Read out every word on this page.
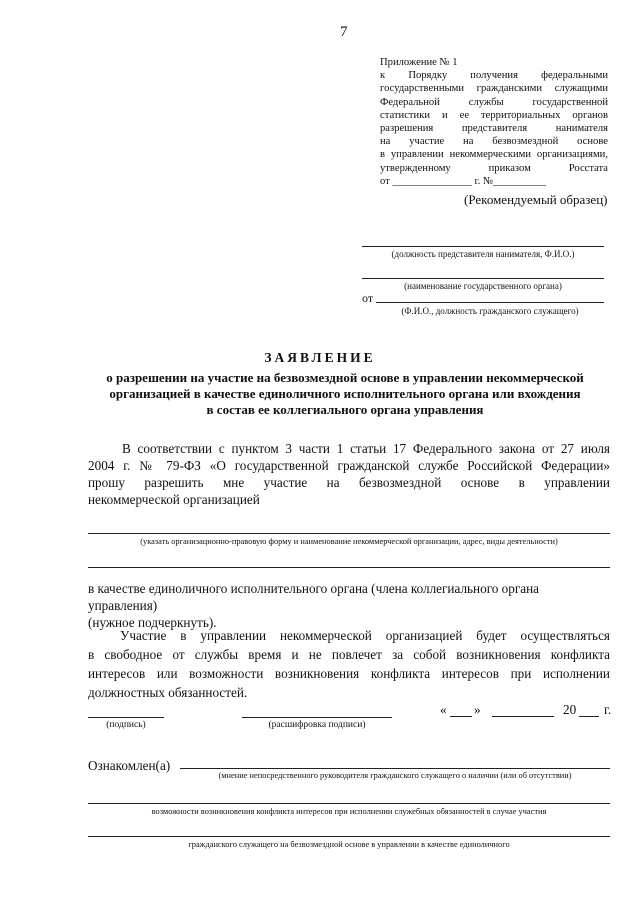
7
Приложение № 1
к Порядку получения федеральными
государственными гражданскими служащими
Федеральной службы государственной
статистики и ее территориальных органов
разрешения представителя нанимателя
на участие на безвозмездной основе
в управлении некоммерческими организациями,
утвержденному приказом Росстата
от _______________ г. №__________
(Рекомендуемый образец)
(должность представителя нанимателя, Ф.И.О.)
(наименование государственного органа)
от
(Ф.И.О., должность гражданского служащего)
ЗАЯВЛЕНИЕ
о разрешении на участие на безвозмездной основе в управлении некоммерческой
организацией в качестве единоличного исполнительного органа или вхождения
в состав ее коллегиального органа управления
В соответствии с пунктом 3 части 1 статьи 17 Федерального закона от 27 июля
2004 г. № 79-ФЗ «О государственной гражданской службе Российской Федерации»
прошу разрешить мне участие на безвозмездной основе в управлении
некоммерческой организацией
(указать организационно-правовую форму и наименование некоммерческой организации, адрес, виды деятельности)
в качестве единоличного исполнительного органа (члена коллегиального органа управления)
(нужное подчеркнуть).
Участие в управлении некоммерческой организацией будет осуществляться
в свободное от службы время и не повлечет за собой возникновения конфликта
интересов или возможности возникновения конфликта интересов при исполнении
должностных обязанностей.
(подпись)	(расшифровка подписи)
« »	20 г.
Ознакомлен(а)
(мнение непосредственного руководителя гражданского служащего о наличии (или об отсутствии)
возможности возникновения конфликта интересов при исполнении служебных обязанностей в случае участия
гражданского служащего на безвозмездной основе в управлении в качестве единоличного
